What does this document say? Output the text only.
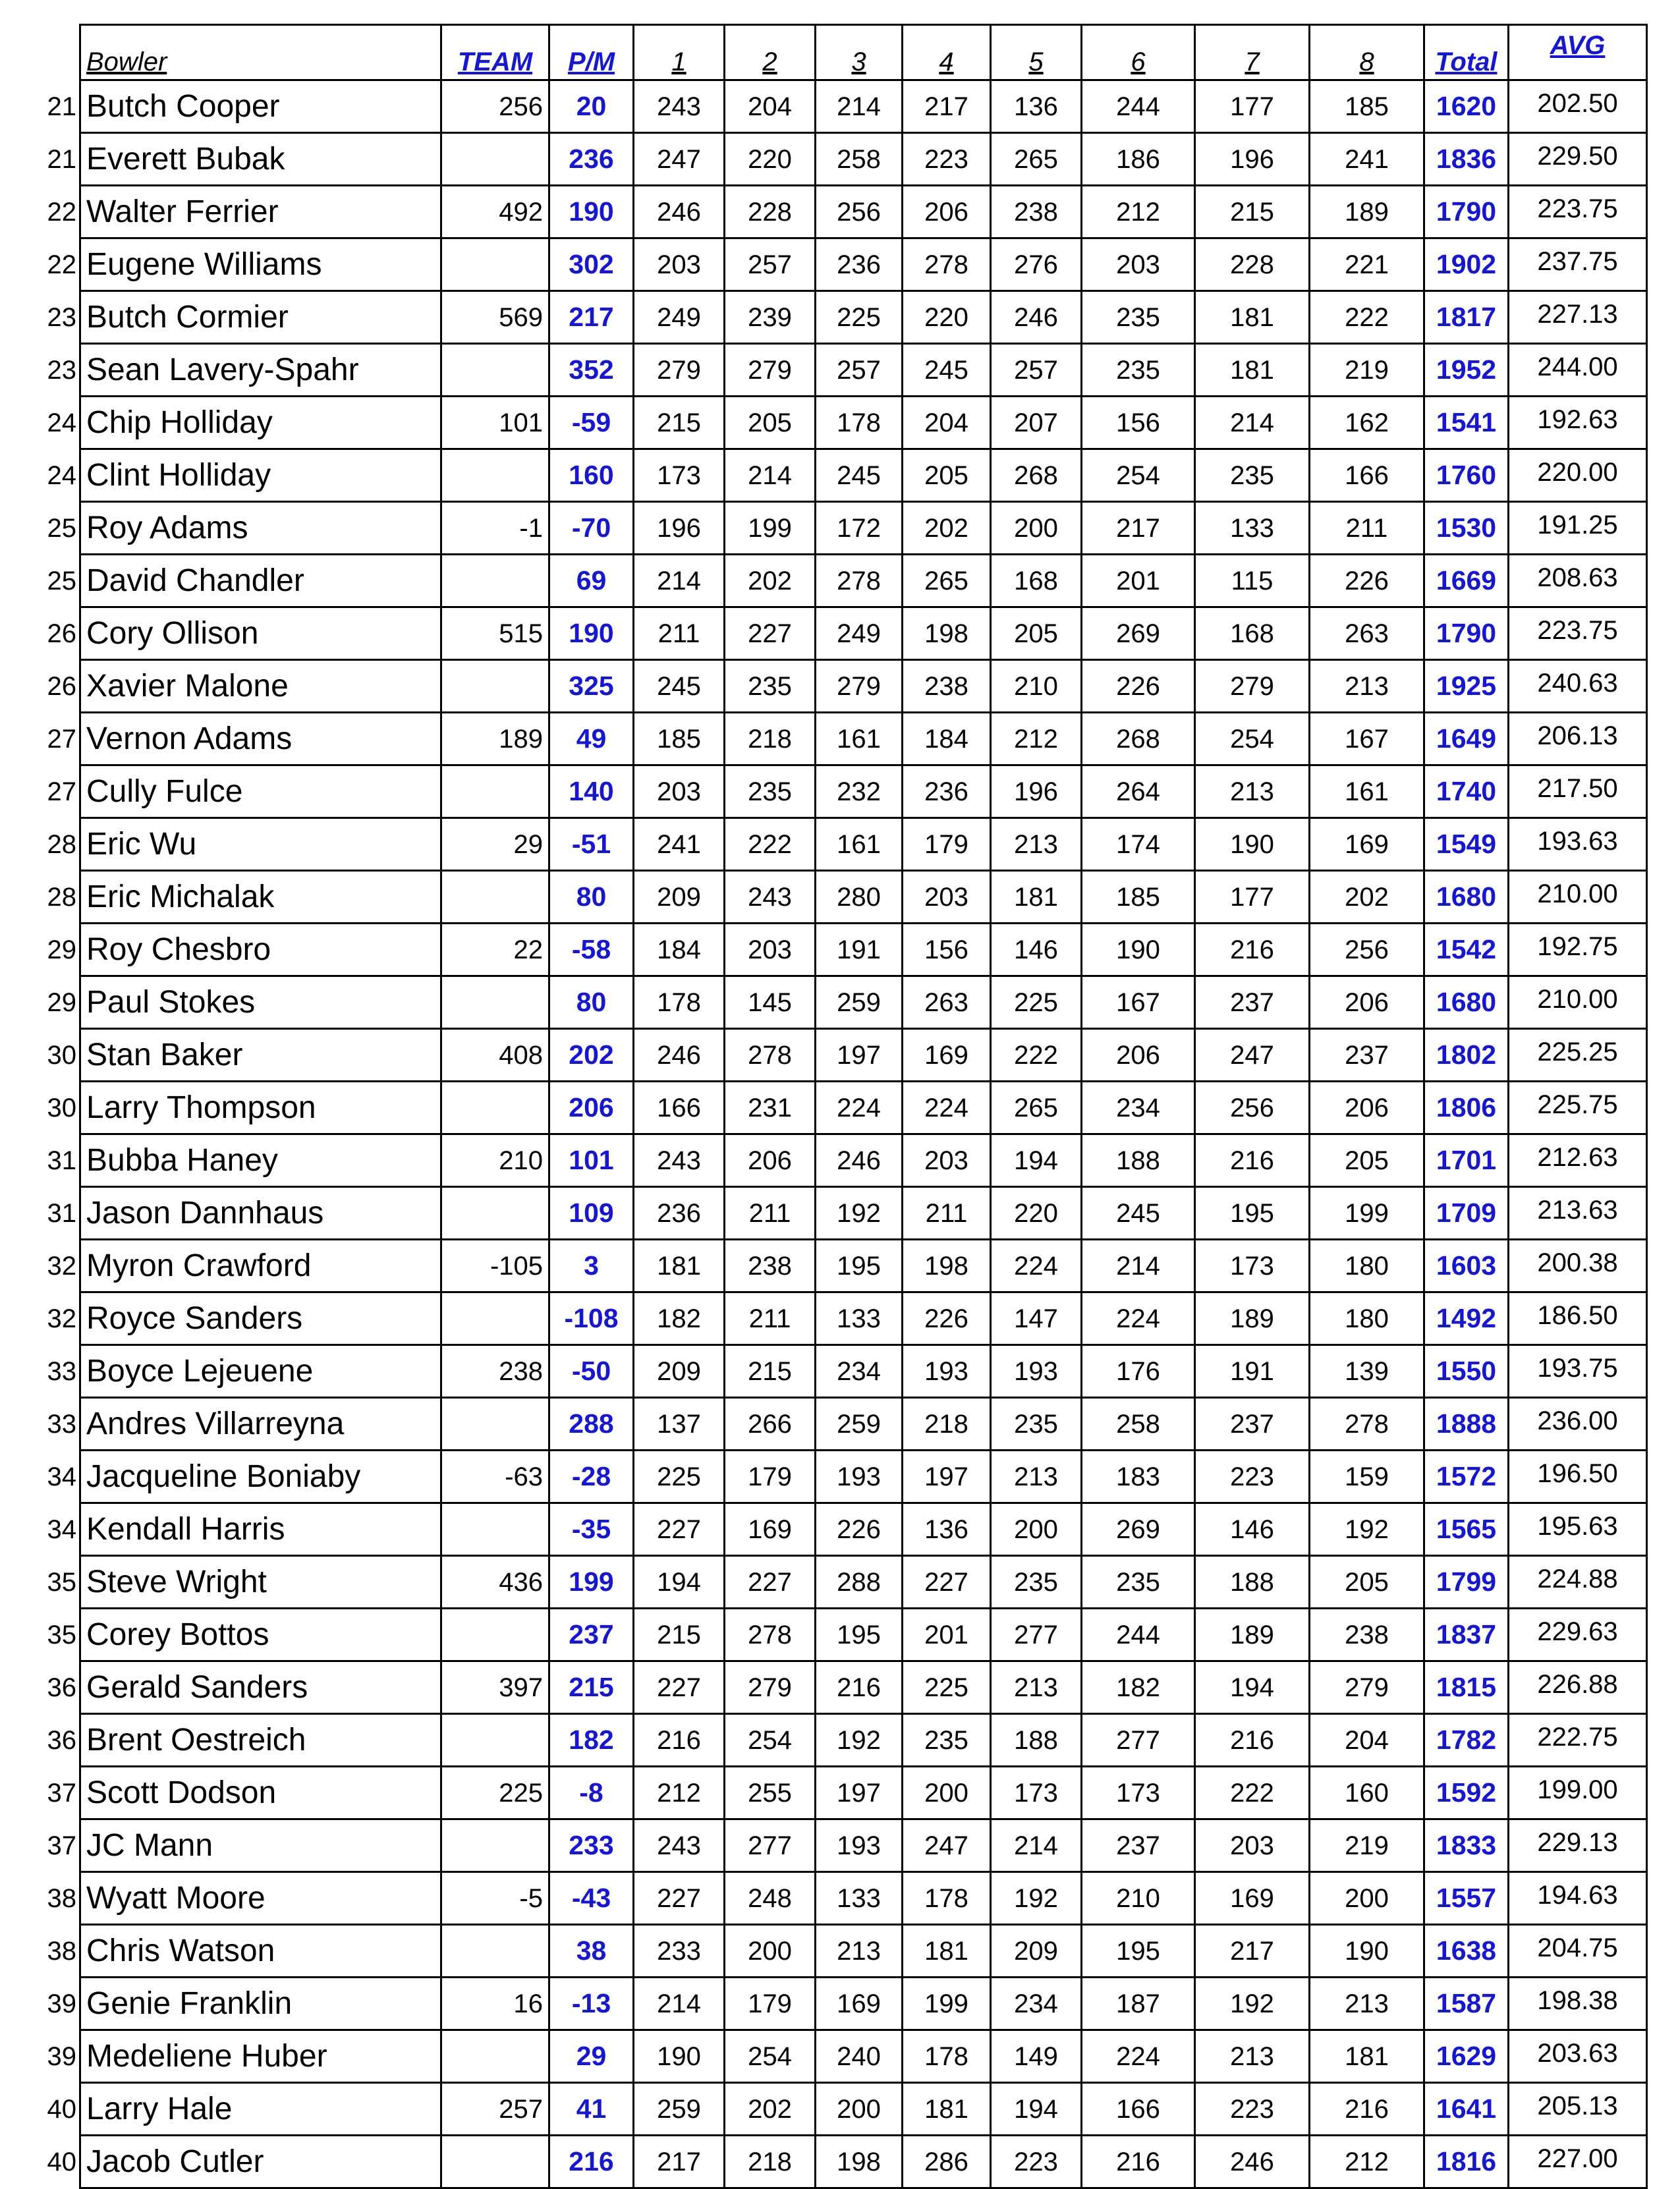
	Bowler	TEAM	P/M	1	2	3	4	5	6	7	8	Total	AVG
21	Butch Cooper	256	20	243	204	214	217	136	244	177	185	1620	202.50
21	Everett Bubak		236	247	220	258	223	265	186	196	241	1836	229.50
22	Walter Ferrier	492	190	246	228	256	206	238	212	215	189	1790	223.75
22	Eugene Williams		302	203	257	236	278	276	203	228	221	1902	237.75
23	Butch Cormier	569	217	249	239	225	220	246	235	181	222	1817	227.13
23	Sean Lavery-Spahr		352	279	279	257	245	257	235	181	219	1952	244.00
24	Chip Holliday	101	-59	215	205	178	204	207	156	214	162	1541	192.63
24	Clint Holliday		160	173	214	245	205	268	254	235	166	1760	220.00
25	Roy Adams	-1	-70	196	199	172	202	200	217	133	211	1530	191.25
25	David Chandler		69	214	202	278	265	168	201	115	226	1669	208.63
26	Cory Ollison	515	190	211	227	249	198	205	269	168	263	1790	223.75
26	Xavier Malone		325	245	235	279	238	210	226	279	213	1925	240.63
27	Vernon Adams	189	49	185	218	161	184	212	268	254	167	1649	206.13
27	Cully Fulce		140	203	235	232	236	196	264	213	161	1740	217.50
28	Eric Wu	29	-51	241	222	161	179	213	174	190	169	1549	193.63
28	Eric Michalak		80	209	243	280	203	181	185	177	202	1680	210.00
29	Roy Chesbro	22	-58	184	203	191	156	146	190	216	256	1542	192.75
29	Paul Stokes		80	178	145	259	263	225	167	237	206	1680	210.00
30	Stan Baker	408	202	246	278	197	169	222	206	247	237	1802	225.25
30	Larry Thompson		206	166	231	224	224	265	234	256	206	1806	225.75
31	Bubba Haney	210	101	243	206	246	203	194	188	216	205	1701	212.63
31	Jason Dannhaus		109	236	211	192	211	220	245	195	199	1709	213.63
32	Myron Crawford	-105	3	181	238	195	198	224	214	173	180	1603	200.38
32	Royce Sanders		-108	182	211	133	226	147	224	189	180	1492	186.50
33	Boyce Lejeuene	238	-50	209	215	234	193	193	176	191	139	1550	193.75
33	Andres Villarreyna		288	137	266	259	218	235	258	237	278	1888	236.00
34	Jacqueline Boniaby	-63	-28	225	179	193	197	213	183	223	159	1572	196.50
34	Kendall Harris		-35	227	169	226	136	200	269	146	192	1565	195.63
35	Steve Wright	436	199	194	227	288	227	235	235	188	205	1799	224.88
35	Corey Bottos		237	215	278	195	201	277	244	189	238	1837	229.63
36	Gerald Sanders	397	215	227	279	216	225	213	182	194	279	1815	226.88
36	Brent Oestreich		182	216	254	192	235	188	277	216	204	1782	222.75
37	Scott Dodson	225	-8	212	255	197	200	173	173	222	160	1592	199.00
37	JC Mann		233	243	277	193	247	214	237	203	219	1833	229.13
38	Wyatt Moore	-5	-43	227	248	133	178	192	210	169	200	1557	194.63
38	Chris Watson		38	233	200	213	181	209	195	217	190	1638	204.75
39	Genie Franklin	16	-13	214	179	169	199	234	187	192	213	1587	198.38
39	Medeliene Huber		29	190	254	240	178	149	224	213	181	1629	203.63
40	Larry Hale	257	41	259	202	200	181	194	166	223	216	1641	205.13
40	Jacob Cutler		216	217	218	198	286	223	216	246	212	1816	227.00
